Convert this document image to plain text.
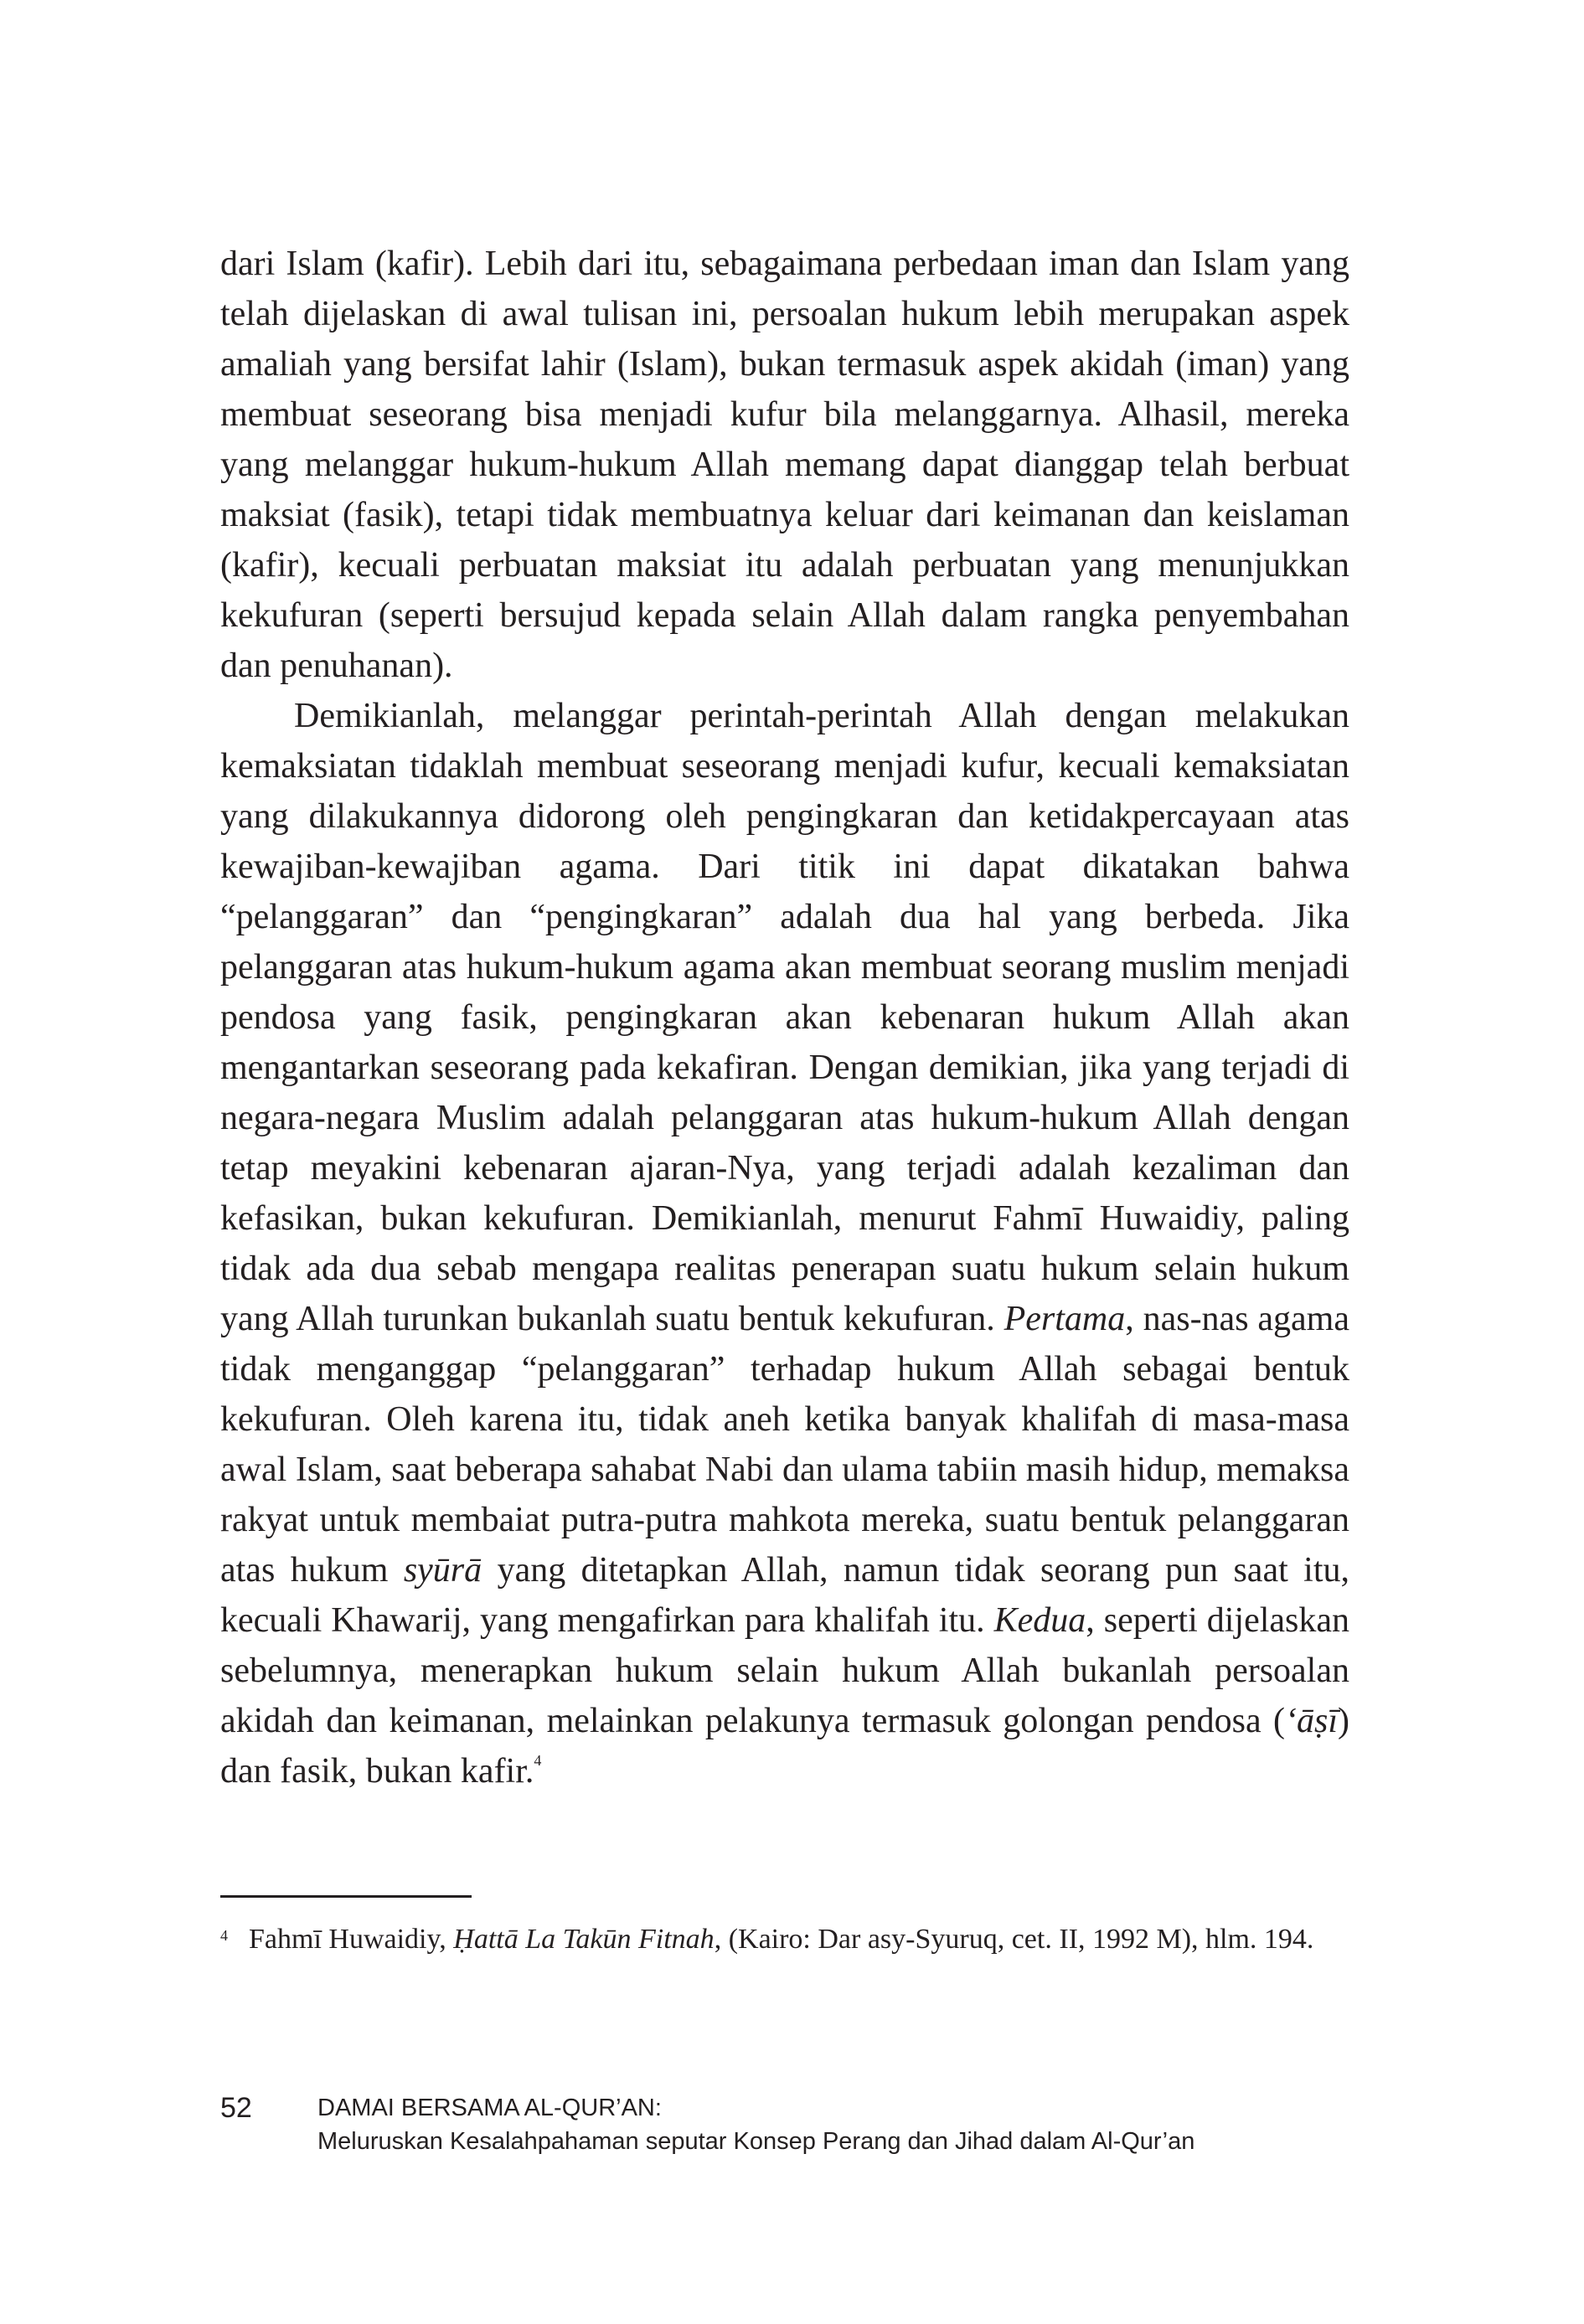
dari Islam (kafir). Lebih dari itu, sebagaimana perbedaan iman dan Islam yang telah dijelaskan di awal tulisan ini, persoalan hukum lebih merupakan aspek amaliah yang bersifat lahir (Islam), bukan termasuk aspek akidah (iman) yang membuat seseorang bisa menjadi kufur bila melanggarnya. Alhasil, mereka yang melanggar hukum-hukum Allah memang dapat dianggap telah berbuat maksiat (fasik), tetapi tidak membuatnya keluar dari keimanan dan keislaman (kafir), kecuali perbuatan maksiat itu adalah perbuatan yang menunjukkan kekufuran (seperti bersujud kepada selain Allah dalam rangka penyembahan dan penuhanan).

Demikianlah, melanggar perintah-perintah Allah dengan melakukan kemaksiatan tidaklah membuat seseorang menjadi kufur, kecuali kemaksiatan yang dilakukannya didorong oleh pengingkaran dan ketidakpercayaan atas kewajiban-kewajiban agama. Dari titik ini dapat dikatakan bahwa “pelanggaran” dan “pengingkaran” adalah dua hal yang berbeda. Jika pelanggaran atas hukum-hukum agama akan membuat seorang muslim menjadi pendosa yang fasik, pengingkaran akan kebenaran hukum Allah akan mengantarkan seseorang pada kekafiran. Dengan demikian, jika yang terjadi di negara-negara Muslim adalah pelanggaran atas hukum-hukum Allah dengan tetap meyakini kebenaran ajaran-Nya, yang terjadi adalah kezaliman dan kefasikan, bukan kekufuran. Demikianlah, menurut Fahmī Huwaidiy, paling tidak ada dua sebab mengapa realitas penerapan suatu hukum selain hukum yang Allah turunkan bukanlah suatu bentuk kekufuran. Pertama, nas-nas agama tidak menganggap “pelanggaran” terhadap hukum Allah sebagai bentuk kekufuran. Oleh karena itu, tidak aneh ketika banyak khalifah di masa-masa awal Islam, saat beberapa sahabat Nabi dan ulama tabiin masih hidup, memaksa rakyat untuk membaiat putra-putra mahkota mereka, suatu bentuk pelanggaran atas hukum syūrā yang ditetapkan Allah, namun tidak seorang pun saat itu, kecuali Khawarij, yang mengafirkan para khalifah itu. Kedua, seperti dijelaskan sebelumnya, menerapkan hukum selain hukum Allah bukanlah persoalan akidah dan keimanan, melainkan pelakunya termasuk golongan pendosa (‘āṣī) dan fasik, bukan kafir.$^4$

4 Fahmī Huwaidiy, Ḥattā La Takūn Fitnah, (Kairo: Dar asy-Syuruq, cet. II, 1992 M), hlm. 194.
52	DAMAI BERSAMA AL-QUR’AN:
Meluruskan Kesalahpahaman seputar Konsep Perang dan Jihad dalam Al-Qur’an
